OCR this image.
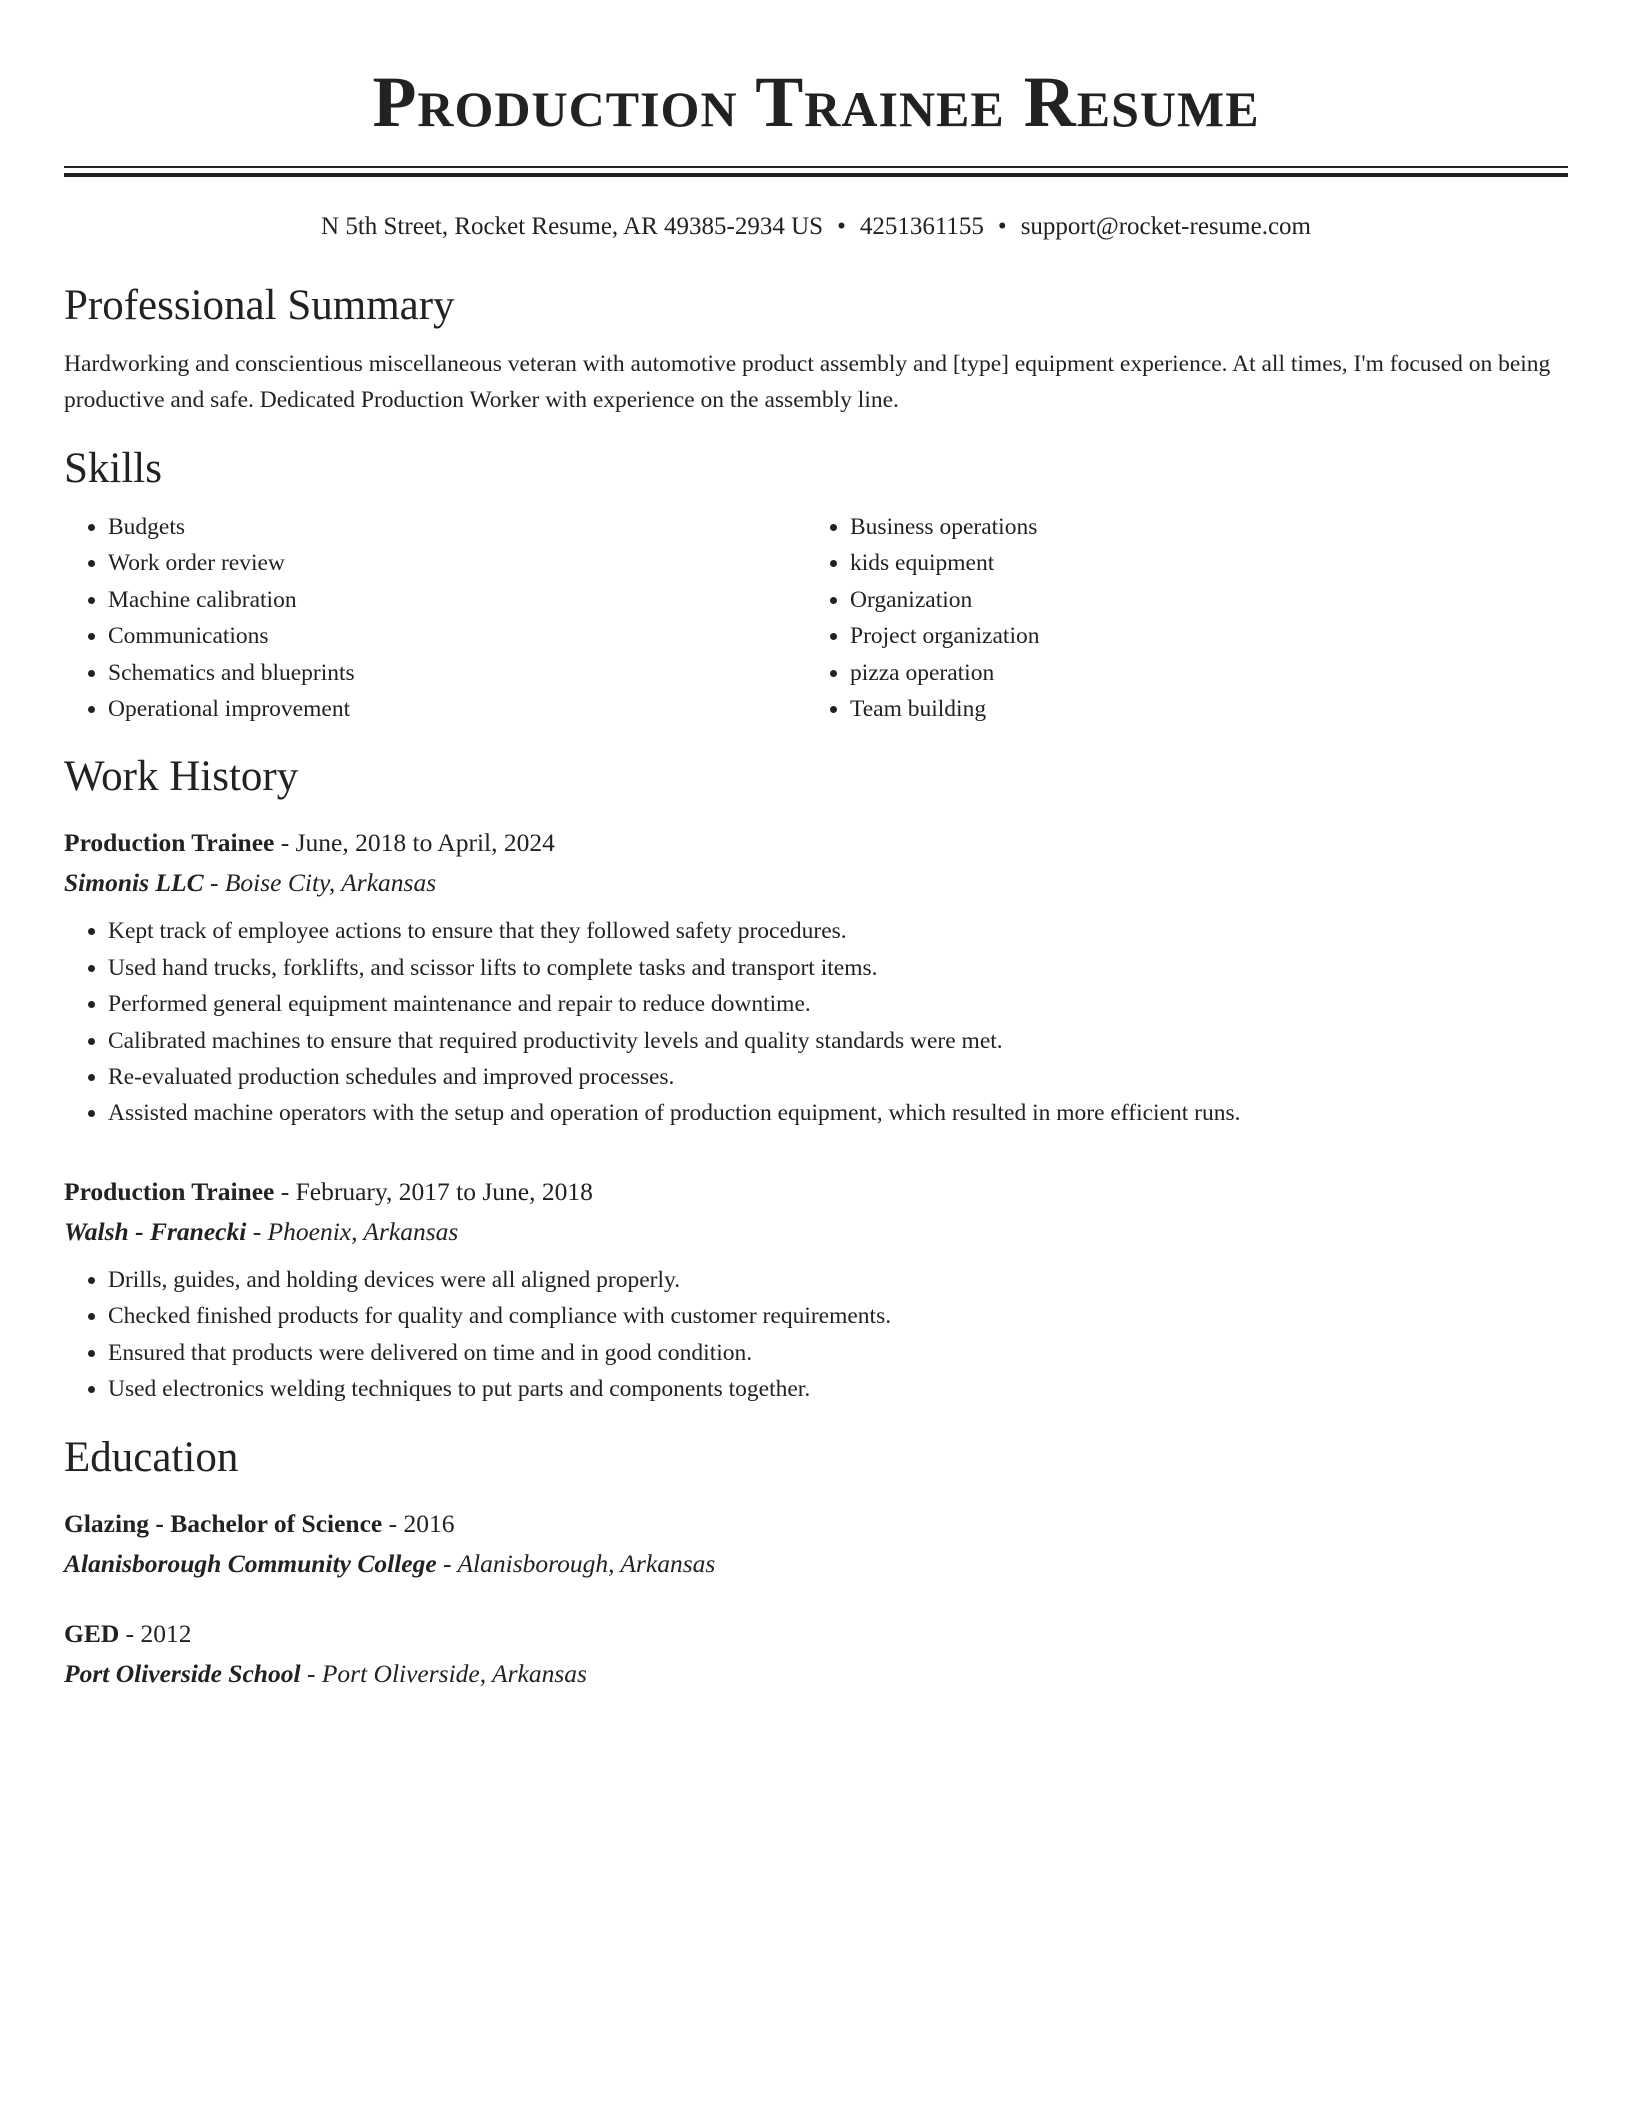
Production Trainee Resume
N 5th Street, Rocket Resume, AR 49385-2934 US • 4251361155 • support@rocket-resume.com
Professional Summary
Hardworking and conscientious miscellaneous veteran with automotive product assembly and [type] equipment experience. At all times, I'm focused on being productive and safe. Dedicated Production Worker with experience on the assembly line.
Skills
• Budgets
• Work order review
• Machine calibration
• Communications
• Schematics and blueprints
• Operational improvement
• Business operations
• kids equipment
• Organization
• Project organization
• pizza operation
• Team building
Work History
Production Trainee - June, 2018 to April, 2024
Simonis LLC - Boise City, Arkansas
• Kept track of employee actions to ensure that they followed safety procedures.
• Used hand trucks, forklifts, and scissor lifts to complete tasks and transport items.
• Performed general equipment maintenance and repair to reduce downtime.
• Calibrated machines to ensure that required productivity levels and quality standards were met.
• Re-evaluated production schedules and improved processes.
• Assisted machine operators with the setup and operation of production equipment, which resulted in more efficient runs.
Production Trainee - February, 2017 to June, 2018
Walsh - Franecki - Phoenix, Arkansas
• Drills, guides, and holding devices were all aligned properly.
• Checked finished products for quality and compliance with customer requirements.
• Ensured that products were delivered on time and in good condition.
• Used electronics welding techniques to put parts and components together.
Education
Glazing - Bachelor of Science - 2016
Alanisborough Community College - Alanisborough, Arkansas
GED - 2012
Port Oliverside School - Port Oliverside, Arkansas
